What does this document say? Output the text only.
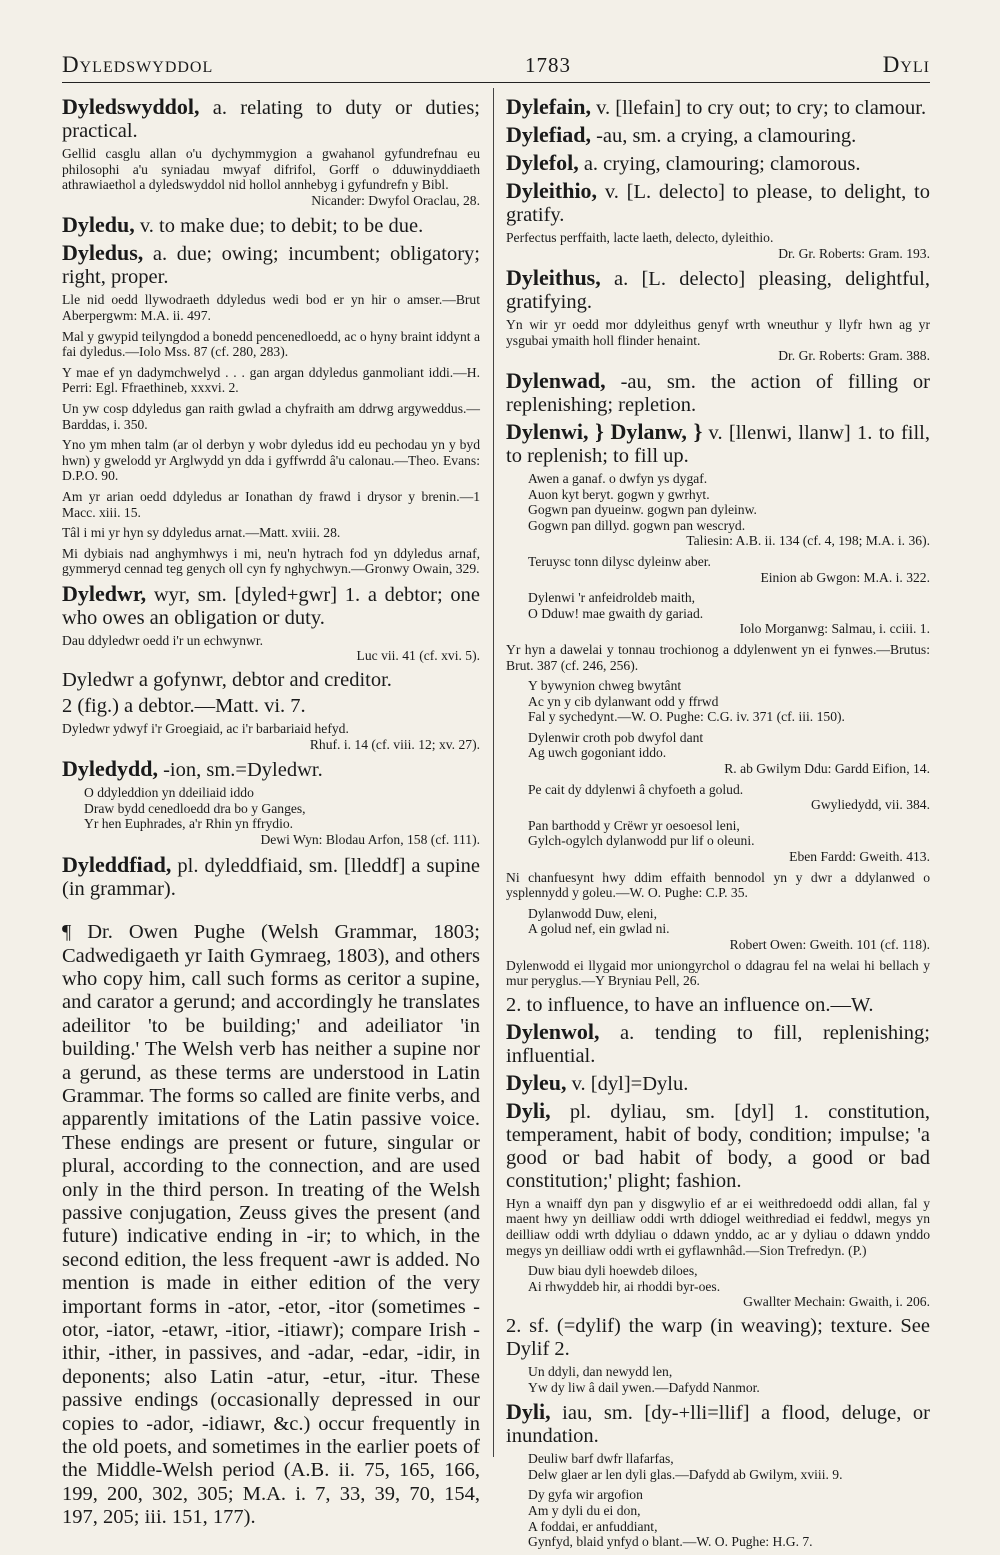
Dyledswyddol	1783	Dyli

Dyledswyddol, a. relating to duty or duties; practical.

Gellid casglu allan o'u dychymmygion a gwahanol gyfundrefnau eu philosophi a'u syniadau mwyaf difrifol, Gorff o dduwinyddiaeth athrawiaethol a dyledswyddol nid hollol annhebyg i gyfundrefn y Bibl.
Nicander: Dwyfol Oraclau, 28.

Dyledu, v. to make due; to debit; to be due.

Dyledus, a. due; owing; incumbent; obligatory; right, proper.

Lle nid oedd llywodraeth ddyledus wedi bod er yn hir o amser.—Brut Aberpergwm: M.A. ii. 497.
Mal y gwypid teilyngdod a bonedd pencenedloedd, ac o hyny braint iddynt a fai dyledus.—Iolo Mss. 87 (cf. 280, 283).
Y mae ef yn dadymchwelyd . . . gan argan ddyledus ganmoliant iddi.—H. Perri: Egl. Ffraethineb, xxxvi. 2.
Un yw cosp ddyledus gan raith gwlad a chyfraith am ddrwg argyweddus.—Barddas, i. 350.
Yno ym mhen talm (ar ol derbyn y wobr dyledus idd eu pechodau yn y byd hwn) y gwelodd yr Arglwydd yn dda i gyffwrdd â'u calonau.—Theo. Evans: D.P.O. 90.
Am yr arian oedd ddyledus ar Ionathan dy frawd i drysor y brenin.—1 Macc. xiii. 15.
Tâl i mi yr hyn sy ddyledus arnat.—Matt. xviii. 28.
Mi dybiais nad anghymhwys i mi, neu'n hytrach fod yn ddyledus arnaf, gymmeryd cennad teg genych oll cyn fy nghychwyn.—Gronwy Owain, 329.

Dyledwr, wyr, sm. [dyled+gwr] 1. a debtor; one who owes an obligation or duty.

Dau ddyledwr oedd i'r un echwynwr.
Luc vii. 41 (cf. xvi. 5).

Dyledwr a gofynwr, debtor and creditor.

2 (fig.) a debtor.—Matt. vi. 7.

Dyledwr ydwyf i'r Groegiaid, ac i'r barbariaid hefyd.
Rhuf. i. 14 (cf. viii. 12; xv. 27).

Dyledydd, -ion, sm.=Dyledwr.

O ddyleddion yn ddeiliaid iddo
Draw bydd cenedloedd dra bo y Ganges,
Yr hen Euphrades, a'r Rhin yn ffrydio.
Dewi Wyn: Blodau Arfon, 158 (cf. 111).

Dyleddfiad, pl. dyleddfiaid, sm. [lleddf] a supine (in grammar).

¶ Dr. Owen Pughe (Welsh Grammar, 1803; Cadwedigaeth yr Iaith Gymraeg, 1803), and others who copy him, call such forms as ceritor a supine, and carator a gerund; and accordingly he translates adeilitor 'to be building;' and adeiliator 'in building.' The Welsh verb has neither a supine nor a gerund, as these terms are understood in Latin Grammar. The forms so called are finite verbs, and apparently imitations of the Latin passive voice. These endings are present or future, singular or plural, according to the connection, and are used only in the third person. In treating of the Welsh passive conjugation, Zeuss gives the present (and future) indicative ending in -ir; to which, in the second edition, the less frequent -awr is added. No mention is made in either edition of the very important forms in -ator, -etor, -itor (sometimes -otor, -iator, -etawr, -itior, -itiawr); compare Irish -ithir, -ither, in passives, and -adar, -edar, -idir, in deponents; also Latin -atur, -etur, -itur. These passive endings (occasionally depressed in our copies to -ador, -idiawr, &c.) occur frequently in the old poets, and sometimes in the earlier poets of the Middle-Welsh period (A.B. ii. 75, 165, 166, 199, 200, 302, 305; M.A. i. 7, 33, 39, 70, 154, 197, 205; iii. 151, 177).

Dylefain, v. [llefain] to cry out; to cry; to clamour.

Dylefiad, -au, sm. a crying, a clamouring.

Dylefol, a. crying, clamouring; clamorous.

Dyleithio, v. [L. delecto] to please, to delight, to gratify.

Perfectus perffaith, lacte laeth, delecto, dyleithio.
Dr. Gr. Roberts: Gram. 193.

Dyleithus, a. [L. delecto] pleasing, delightful, gratifying.

Yn wir yr oedd mor ddyleithus genyf wrth wneuthur y llyfr hwn ag yr ysgubai ymaith holl flinder henaint.
Dr. Gr. Roberts: Gram. 388.

Dylenwad, -au, sm. the action of filling or replenishing; repletion.

Dylenwi, } Dylanw, } v. [llenwi, llanw] 1. to fill, to replenish; to fill up.

Awen a ganaf. o dwfyn ys dygaf.
Auon kyt beryt. gogwn y gwrhyt.
Gogwn pan dyueinw. gogwn pan dyleinw.
Gogwn pan dillyd. gogwn pan wescryd.
Taliesin: A.B. ii. 134 (cf. 4, 198; M.A. i. 36).
Teruysc tonn dilysc dyleinw aber.
Einion ab Gwgon: M.A. i. 322.
Dylenwi 'r anfeidroldeb maith,
O Dduw! mae gwaith dy gariad.
Iolo Morganwg: Salmau, i. cciii. 1.
Yr hyn a dawelai y tonnau trochionog a ddylenwent yn ei fynwes.—Brutus: Brut. 387 (cf. 246, 256).
Y bywynion chweg bwytânt
Ac yn y cib dylanwant odd y ffrwd
Fal y sychedynt.—W. O. Pughe: C.G. iv. 371 (cf. iii. 150).
Dylenwir croth pob dwyfol dant
Ag uwch gogoniant iddo.
R. ab Gwilym Ddu: Gardd Eifion, 14.
Pe cait dy ddylenwi â chyfoeth a golud.
Gwyliedydd, vii. 384.
Pan barthodd y Crëwr yr oesoesol leni,
Gylch-ogylch dylanwodd pur lif o oleuni.
Eben Fardd: Gweith. 413.
Ni chanfuesynt hwy ddim effaith bennodol yn y dwr a ddylanwed o ysplennydd y goleu.—W. O. Pughe: C.P. 35.
Dylanwodd Duw, eleni,
A golud nef, ein gwlad ni.
Robert Owen: Gweith. 101 (cf. 118).
Dylenwodd ei llygaid mor uniongyrchol o ddagrau fel na welai hi bellach y mur peryglus.—Y Bryniau Pell, 26.

2. to influence, to have an influence on.—W.

Dylenwol, a. tending to fill, replenishing; influential.

Dyleu, v. [dyl]=Dylu.

Dyli, pl. dyliau, sm. [dyl] 1. constitution, temperament, habit of body, condition; impulse; 'a good or bad habit of body, a good or bad constitution;' plight; fashion.

Hyn a wnaiff dyn pan y disgwylio ef ar ei weithredoedd oddi allan, fal y maent hwy yn deilliaw oddi wrth ddiogel weithrediad ei feddwl, megys yn deilliaw oddi wrth ddyliau o ddawn ynddo, ac ar y dyliau o ddawn ynddo megys yn deilliaw oddi wrth ei gyflawnhâd.—Sion Trefredyn. (P.)
Duw biau dyli hoewdeb diloes,
Ai rhwyddeb hir, ai rhoddi byr-oes.
Gwallter Mechain: Gwaith, i. 206.

2. sf. (=dylif) the warp (in weaving); texture. See Dylif 2.

Un ddyli, dan newydd len,
Yw dy liw â dail ywen.—Dafydd Nanmor.

Dyli, iau, sm. [dy-+lli=llif] a flood, deluge, or inundation.

Deuliw barf dwfr llafarfas,
Delw glaer ar len dyli glas.—Dafydd ab Gwilym, xviii. 9.
Dy gyfa wir argofion
Am y dyli du ei don,
A foddai, er anfuddiant,
Gynfyd, blaid ynfyd o blant.—W. O. Pughe: H.G. 7.
